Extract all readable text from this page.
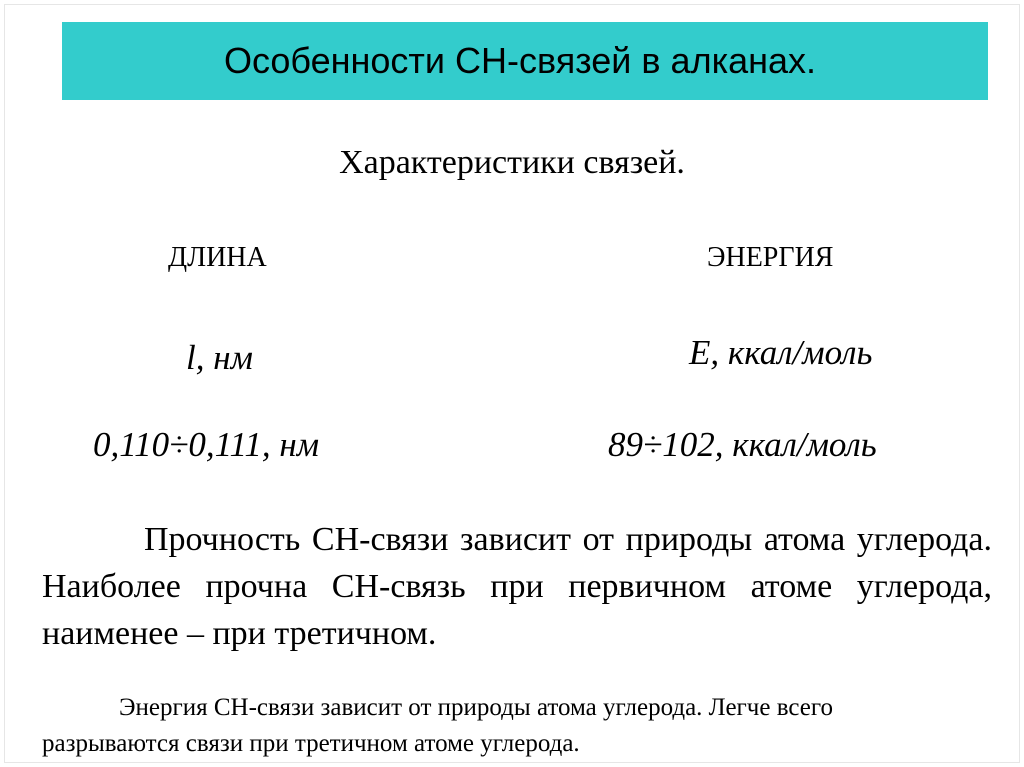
Особенности СН-связей в алканах.
Характеристики связей.
ДЛИНА	ЭНЕРГИЯ
l, нм	E, ккал/моль
0,110÷0,111, нм	89÷102, ккал/моль
Прочность СН-связи зависит от природы атома углерода. Наиболее прочна СН-связь при первичном атоме углерода, наименее – при третичном.
Энергия СН-связи зависит от природы атома углерода. Легче всего разрываются связи при третичном атоме углерода.
